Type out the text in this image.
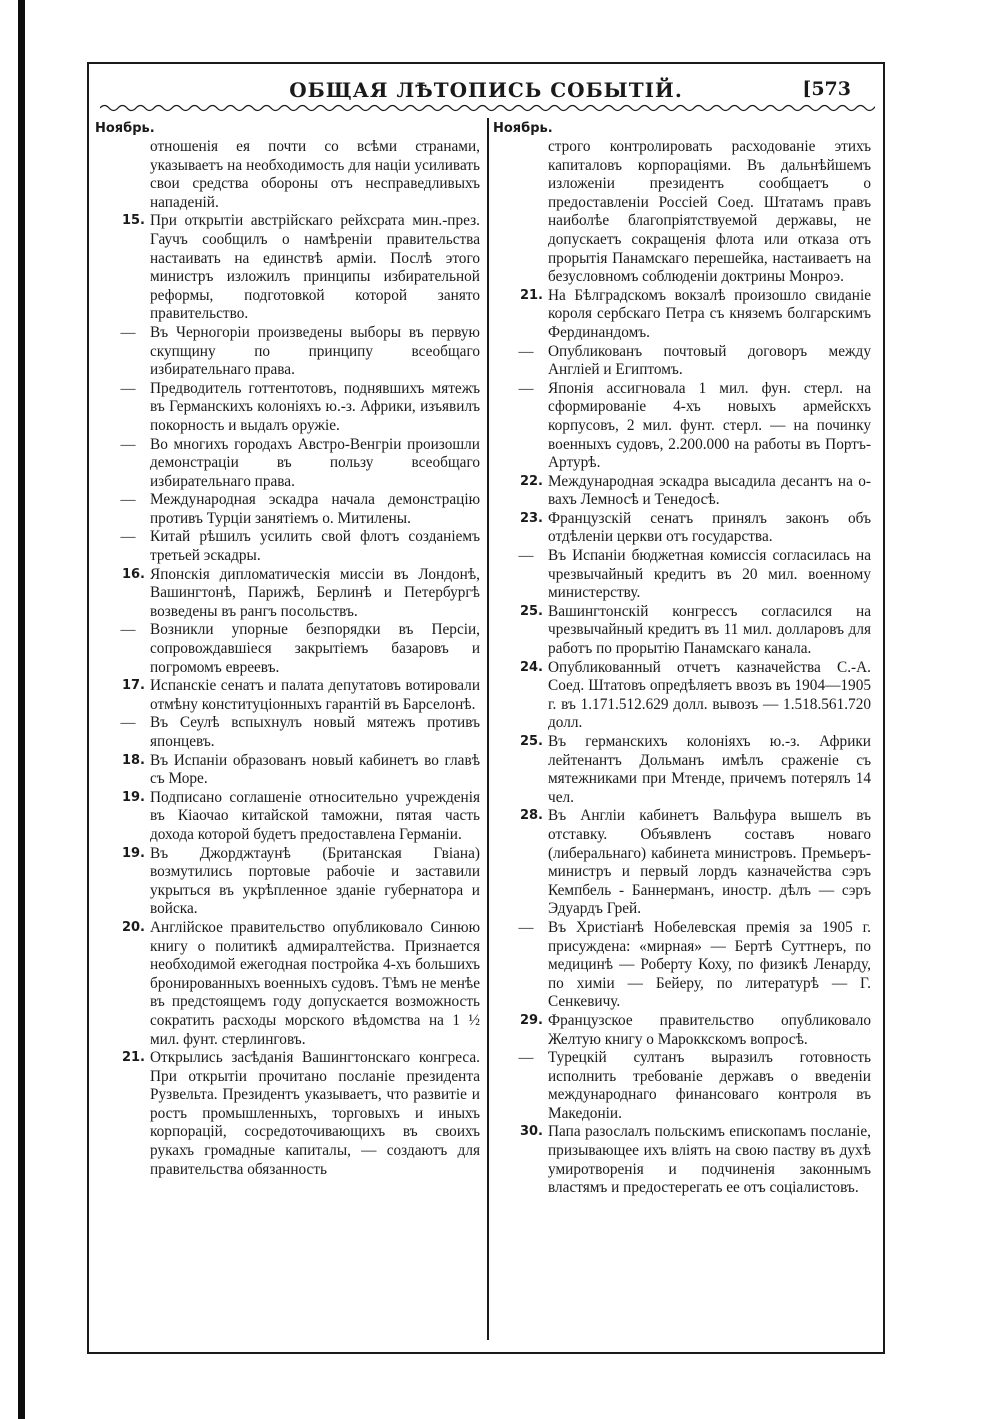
ОБЩАЯ ЛѢТОПИСЬ СОБЫТІЙ.	[573
Ноябрь.
отношенія ея почти со всѣми странами, указываетъ на необходимость для націи усиливать свои средства обороны отъ несправедливыхъ нападеній.
15. При открытіи австрійскаго рейхсрата мин.-през. Гаучъ сообщилъ о намѣреніи правительства настаивать на единствѣ арміи. Послѣ этого министръ изложилъ принципы избирательной реформы, подготовкой которой занято правительство.
— Въ Черногоріи произведены выборы въ первую скупщину по принципу всеобщаго избирательнаго права.
— Предводитель готтентотовъ, поднявшихъ мятежъ въ Германскихъ колоніяхъ ю.-з. Африки, изъявилъ покорность и выдалъ оружіе.
— Во многихъ городахъ Австро-Венгріи произошли демонстраціи въ пользу всеобщаго избирательнаго права.
— Международная эскадра начала демонстрацію противъ Турціи занятіемъ о. Митилены.
— Китай рѣшилъ усилить свой флотъ созданіемъ третьей эскадры.
16. Японскія дипломатическія миссіи въ Лондонѣ, Вашингтонѣ, Парижѣ, Берлинѣ и Петербургѣ возведены въ рангъ посольствъ.
— Возникли упорные безпорядки въ Персіи, сопровождавшіеся закрытіемъ базаровъ и погромомъ евреевъ.
17. Испанскіе сенатъ и палата депутатовъ вотировали отмѣну конституціонныхъ гарантій въ Барселонѣ.
— Въ Сеулѣ вспыхнулъ новый мятежъ противъ японцевъ.
18. Въ Испаніи образованъ новый кабинетъ во главѣ съ Море.
19. Подписано соглашеніе относительно учрежденія въ Кіаочао китайской таможни, пятая часть дохода которой будетъ предоставлена Германіи.
19. Въ Джорджтаунѣ (Британская Гвіана) возмутились портовые рабочіе и заставили укрыться въ укрѣпленное зданіе губернатора и войска.
20. Англійское правительство опубликовало Синюю книгу о политикѣ адмиралтейства. Признается необходимой ежегодная постройка 4-хъ большихъ бронированныхъ военныхъ судовъ. Тѣмъ не менѣе въ предстоящемъ году допускается возможность сократить расходы морского вѣдомства на 1 ½ мил. фунт. стерлинговъ.
21. Открылись засѣданія Вашингтонскаго конгреса. При открытіи прочитано посланіе президента Рузвельта. Президентъ указываетъ, что развитіе и ростъ промышленныхъ, торговыхъ и иныхъ корпорацій, сосредоточивающихъ въ своихъ рукахъ громадные капиталы, — создаютъ для правительства обязанность
Ноябрь.
строго контролировать расходованіе этихъ капиталовъ корпораціями. Въ дальнѣйшемъ изложеніи президентъ сообщаетъ о предоставленіи Россіей Соед. Штатамъ правъ наиболѣе благопріятствуемой державы, не допускаетъ сокращенія флота или отказа отъ прорытія Панамскаго перешейка, настаиваетъ на безусловномъ соблюденіи доктрины Монроэ.
21. На Бѣлградскомъ вокзалѣ произошло свиданіе короля сербскаго Петра съ княземъ болгарскимъ Фердинандомъ.
— Опубликованъ почтовый договоръ между Англіей и Египтомъ.
— Японія ассигновала 1 мил. фун. стерл. на сформированіе 4-хъ новыхъ армейскхъ корпусовъ, 2 мил. фунт. стерл. — на починку военныхъ судовъ, 2.200.000 на работы въ Портъ-Артурѣ.
22. Международная эскадра высадила десантъ на о-вахъ Лемносѣ и Тенедосѣ.
23. Французскій сенатъ принялъ законъ объ отдѣленіи церкви отъ государства.
— Въ Испаніи бюджетная комиссія согласилась на чрезвычайный кредитъ въ 20 мил. военному министерству.
25. Вашингтонскій конгрессъ согласился на чрезвычайный кредитъ въ 11 мил. долларовъ для работъ по прорытію Панамскаго канала.
24. Опубликованный отчетъ казначейства С.-А. Соед. Штатовъ опредѣляетъ ввозъ въ 1904—1905 г. въ 1.171.512.629 долл. вывозъ — 1.518.561.720 долл.
25. Въ германскихъ колоніяхъ ю.-з. Африки лейтенантъ Дольманъ имѣлъ сраженіе съ мятежниками при Мтенде, причемъ потерялъ 14 чел.
28. Въ Англіи кабинетъ Вальфура вышелъ въ отставку. Объявленъ составъ новаго (либеральнаго) кабинета министровъ. Премьеръ-министръ и первый лордъ казначейства сэръ Кемпбель - Баннерманъ, иностр. дѣлъ — сэръ Эдуардъ Грей.
— Въ Христіанѣ Нобелевская премія за 1905 г. присуждена: «мирная» — Бертѣ Суттнеръ, по медицинѣ — Роберту Коху, по физикѣ Ленарду, по химіи — Бейеру, по литературѣ — Г. Сенкевичу.
29. Французское правительство опубликовало Желтую книгу о Мароккскомъ вопросѣ.
— Турецкій султанъ выразилъ готовность исполнить требованіе державъ о введеніи международнаго финансоваго контроля въ Македоніи.
30. Папа разослалъ польскимъ епископамъ посланіе, призывающее ихъ вліять на свою паству въ духѣ умиротворенія и подчиненія законнымъ властямъ и предостерегать ее отъ соціалистовъ.
